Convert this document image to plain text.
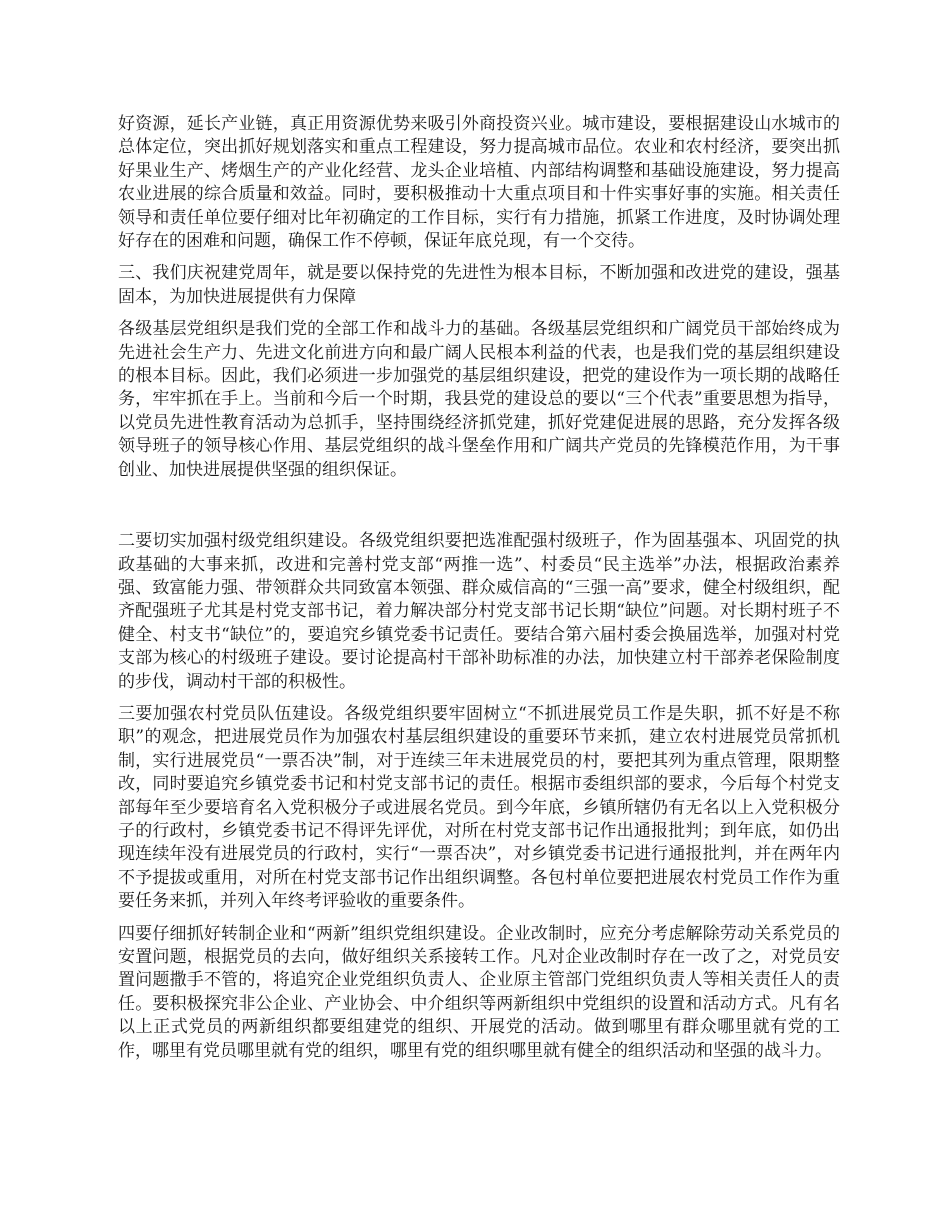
好资源，延长产业链，真正用资源优势来吸引外商投资兴业。城市建设，要根据建设山水城市的总体定位，突出抓好规划落实和重点工程建设，努力提高城市品位。农业和农村经济，要突出抓好果业生产、烤烟生产的产业化经营、龙头企业培植、内部结构调整和基础设施建设，努力提高农业进展的综合质量和效益。同时，要积极推动十大重点项目和十件实事好事的实施。相关责任领导和责任单位要仔细对比年初确定的工作目标，实行有力措施，抓紧工作进度，及时协调处理好存在的困难和问题，确保工作不停顿，保证年底兑现，有一个交待。

三、我们庆祝建党周年，就是要以保持党的先进性为根本目标，不断加强和改进党的建设，强基固本，为加快进展提供有力保障

各级基层党组织是我们党的全部工作和战斗力的基础。各级基层党组织和广阔党员干部始终成为先进社会生产力、先进文化前进方向和最广阔人民根本利益的代表，也是我们党的基层组织建设的根本目标。因此，我们必须进一步加强党的基层组织建设，把党的建设作为一项长期的战略任务，牢牢抓在手上。当前和今后一个时期，我县党的建设总的要以“三个代表”重要思想为指导，以党员先进性教育活动为总抓手，坚持围绕经济抓党建，抓好党建促进展的思路，充分发挥各级领导班子的领导核心作用、基层党组织的战斗堡垒作用和广阔共产党员的先锋模范作用，为干事创业、加快进展提供坚强的组织保证。

二要切实加强村级党组织建设。各级党组织要把选准配强村级班子，作为固基强本、巩固党的执政基础的大事来抓，改进和完善村党支部“两推一选”、村委员“民主选举”办法，根据政治素养强、致富能力强、带领群众共同致富本领强、群众威信高的“三强一高”要求，健全村级组织，配齐配强班子尤其是村党支部书记，着力解决部分村党支部书记长期“缺位”问题。对长期村班子不健全、村支书“缺位”的，要追究乡镇党委书记责任。要结合第六届村委会换届选举，加强对村党支部为核心的村级班子建设。要讨论提高村干部补助标准的办法，加快建立村干部养老保险制度的步伐，调动村干部的积极性。

三要加强农村党员队伍建设。各级党组织要牢固树立“不抓进展党员工作是失职，抓不好是不称职”的观念，把进展党员作为加强农村基层组织建设的重要环节来抓，建立农村进展党员常抓机制，实行进展党员“一票否决”制，对于连续三年未进展党员的村，要把其列为重点管理，限期整改，同时要追究乡镇党委书记和村党支部书记的责任。根据市委组织部的要求，今后每个村党支部每年至少要培育名入党积极分子或进展名党员。到今年底，乡镇所辖仍有无名以上入党积极分子的行政村，乡镇党委书记不得评先评优，对所在村党支部书记作出通报批判；到年底，如仍出现连续年没有进展党员的行政村，实行“一票否决”，对乡镇党委书记进行通报批判，并在两年内不予提拔或重用，对所在村党支部书记作出组织调整。各包村单位要把进展农村党员工作作为重要任务来抓，并列入年终考评验收的重要条件。

四要仔细抓好转制企业和“两新”组织党组织建设。企业改制时，应充分考虑解除劳动关系党员的安置问题，根据党员的去向，做好组织关系接转工作。凡对企业改制时存在一改了之，对党员安置问题撒手不管的，将追究企业党组织负责人、企业原主管部门党组织负责人等相关责任人的责任。要积极探究非公企业、产业协会、中介组织等两新组织中党组织的设置和活动方式。凡有名以上正式党员的两新组织都要组建党的组织、开展党的活动。做到哪里有群众哪里就有党的工作，哪里有党员哪里就有党的组织，哪里有党的组织哪里就有健全的组织活动和坚强的战斗力。
